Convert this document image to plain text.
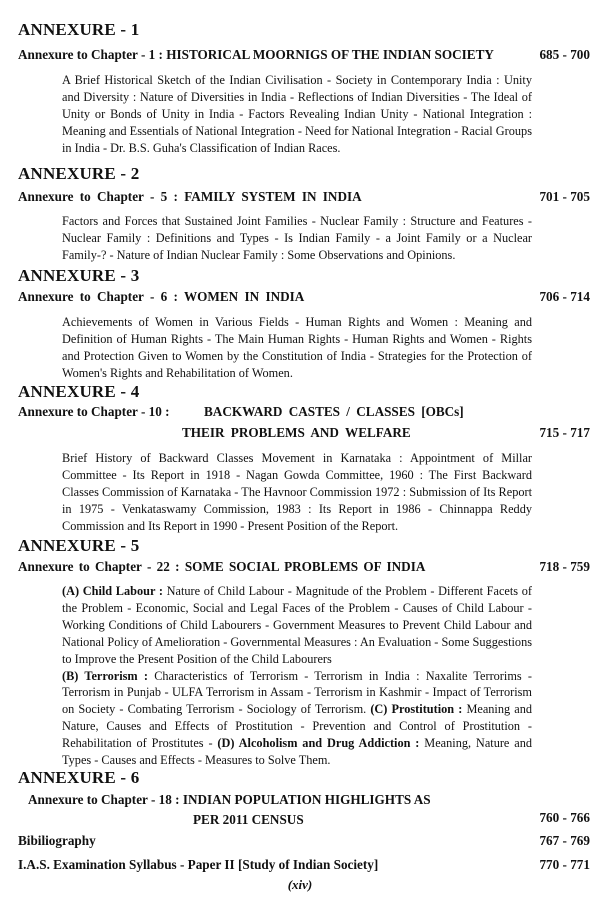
ANNEXURE - 1
Annexure to Chapter - 1 : HISTORICAL MOORNIGS OF THE INDIAN SOCIETY	685 - 700
A Brief Historical Sketch of the Indian Civilisation - Society in Contemporary India : Unity and Diversity : Nature of Diversities in India - Reflections of Indian Diversities - The Ideal of Unity or Bonds of Unity in India - Factors Revealing Indian Unity - National Integration : Meaning and Essentials of National Integration - Need for National Integration - Racial Groups in India - Dr. B.S. Guha's Classification of Indian Races.
ANNEXURE - 2
Annexure to Chapter - 5 : FAMILY SYSTEM IN INDIA	701 - 705
Factors and Forces that Sustained Joint Families - Nuclear Family : Structure and Features - Nuclear Family : Definitions and Types - Is Indian Family - a Joint Family or a Nuclear Family-? - Nature of Indian Nuclear Family : Some Observations and Opinions.
ANNEXURE - 3
Annexure to Chapter - 6 : WOMEN IN INDIA	706 - 714
Achievements of Women in Various Fields - Human Rights and Women : Meaning and Definition of Human Rights - The Main Human Rights - Human Rights and Women - Rights and Protection Given to Women by the Constitution of India - Strategies for the Protection of Women's Rights and Rehabilitation of Women.
ANNEXURE - 4
Annexure to Chapter - 10 :	BACKWARD CASTES / CLASSES [OBCs]
THEIR PROBLEMS AND WELFARE	715 - 717
Brief History of Backward Classes Movement in Karnataka : Appointment of Millar Committee - Its Report in 1918 - Nagan Gowda Committee, 1960 : The First Backward Classes Commission of Karnataka - The Havnoor Commission 1972 : Submission of Its Report in 1975 - Venkataswamy Commission, 1983 : Its Report in 1986 - Chinnappa Reddy Commission and Its Report in 1990 - Present Position of the Report.
ANNEXURE - 5
Annexure to Chapter - 22 : SOME SOCIAL PROBLEMS OF INDIA	718 - 759
(A) Child Labour : Nature of Child Labour - Magnitude of the Problem - Different Facets of the Problem - Economic, Social and Legal Faces of the Problem - Causes of Child Labour - Working Conditions of Child Labourers - Government Measures to Prevent Child Labour and National Policy of Amelioration - Governmental Measures : An Evaluation - Some Suggestions to Improve the Present Position of the Child Labourers
(B) Terrorism : Characteristics of Terrorism - Terrorism in India : Naxalite Terrorims - Terrorism in Punjab - ULFA Terrorism in Assam - Terrorism in Kashmir - Impact of Terrorism on Society - Combating Terrorism - Sociology of Terrorism. (C) Prostitution : Meaning and Nature, Causes and Effects of Prostitution - Prevention and Control of Prostitution - Rehabilitation of Prostitutes - (D) Alcoholism and Drug Addiction : Meaning, Nature and Types - Causes and Effects - Measures to Solve Them.
ANNEXURE - 6
Annexure to Chapter - 18 : INDIAN POPULATION HIGHLIGHTS AS
PER 2011 CENSUS	760 - 766
Bibiliography	767 - 769
I.A.S. Examination Syllabus - Paper II [Study of Indian Society]	770 - 771
(xiv)
